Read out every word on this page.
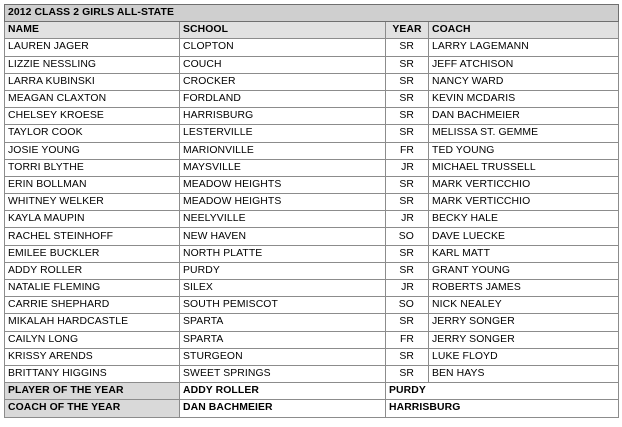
2012 CLASS 2 GIRLS ALL-STATE			
NAME	SCHOOL	YEAR	COACH
LAUREN JAGER	CLOPTON	SR	LARRY LAGEMANN
LIZZIE NESSLING	COUCH	SR	JEFF ATCHISON
LARRA KUBINSKI	CROCKER	SR	NANCY WARD
MEAGAN CLAXTON	FORDLAND	SR	KEVIN MCDARIS
CHELSEY KROESE	HARRISBURG	SR	DAN BACHMEIER
TAYLOR COOK	LESTERVILLE	SR	MELISSA ST. GEMME
JOSIE YOUNG	MARIONVILLE	FR	TED YOUNG
TORRI BLYTHE	MAYSVILLE	JR	MICHAEL TRUSSELL
ERIN BOLLMAN	MEADOW HEIGHTS	SR	MARK VERTICCHIO
WHITNEY WELKER	MEADOW HEIGHTS	SR	MARK VERTICCHIO
KAYLA MAUPIN	NEELYVILLE	JR	BECKY HALE
RACHEL STEINHOFF	NEW HAVEN	SO	DAVE LUECKE
EMILEE BUCKLER	NORTH PLATTE	SR	KARL MATT
ADDY ROLLER	PURDY	SR	GRANT YOUNG
NATALIE FLEMING	SILEX	JR	ROBERTS JAMES
CARRIE SHEPHARD	SOUTH PEMISCOT	SO	NICK NEALEY
MIKALAH HARDCASTLE	SPARTA	SR	JERRY SONGER
CAILYN LONG	SPARTA	FR	JERRY SONGER
KRISSY ARENDS	STURGEON	SR	LUKE FLOYD
BRITTANY HIGGINS	SWEET SPRINGS	SR	BEN HAYS
PLAYER OF THE YEAR	ADDY ROLLER	PURDY	
COACH OF THE YEAR	DAN BACHMEIER	HARRISBURG	
